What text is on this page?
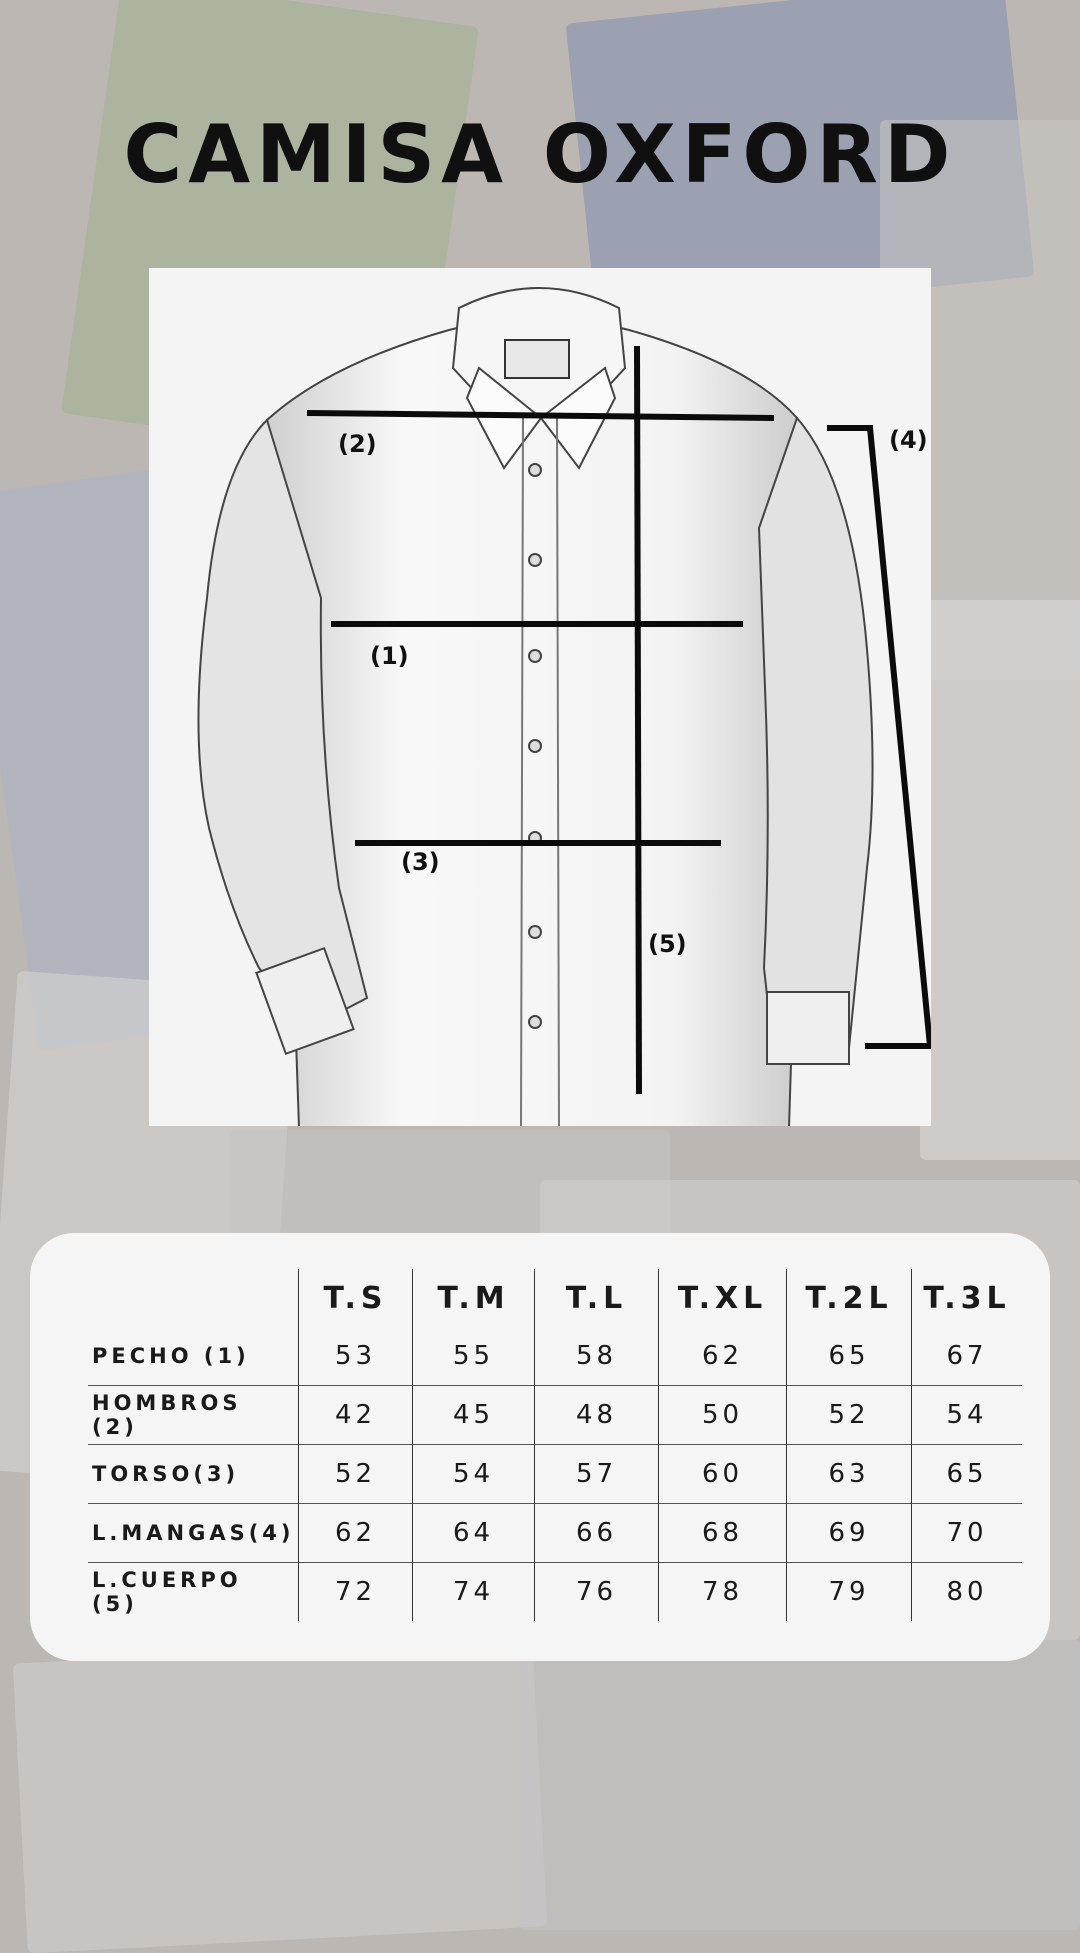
CAMISA OXFORD
(2)
(1)
(3)
(4)
(5)
	T.S	T.M	T.L	T.XL	T.2L	T.3L
PECHO (1)	53	55	58	62	65	67
HOMBROS (2)	42	45	48	50	52	54
TORSO(3)	52	54	57	60	63	65
L.MANGAS(4)	62	64	66	68	69	70
L.CUERPO (5)	72	74	76	78	79	80
